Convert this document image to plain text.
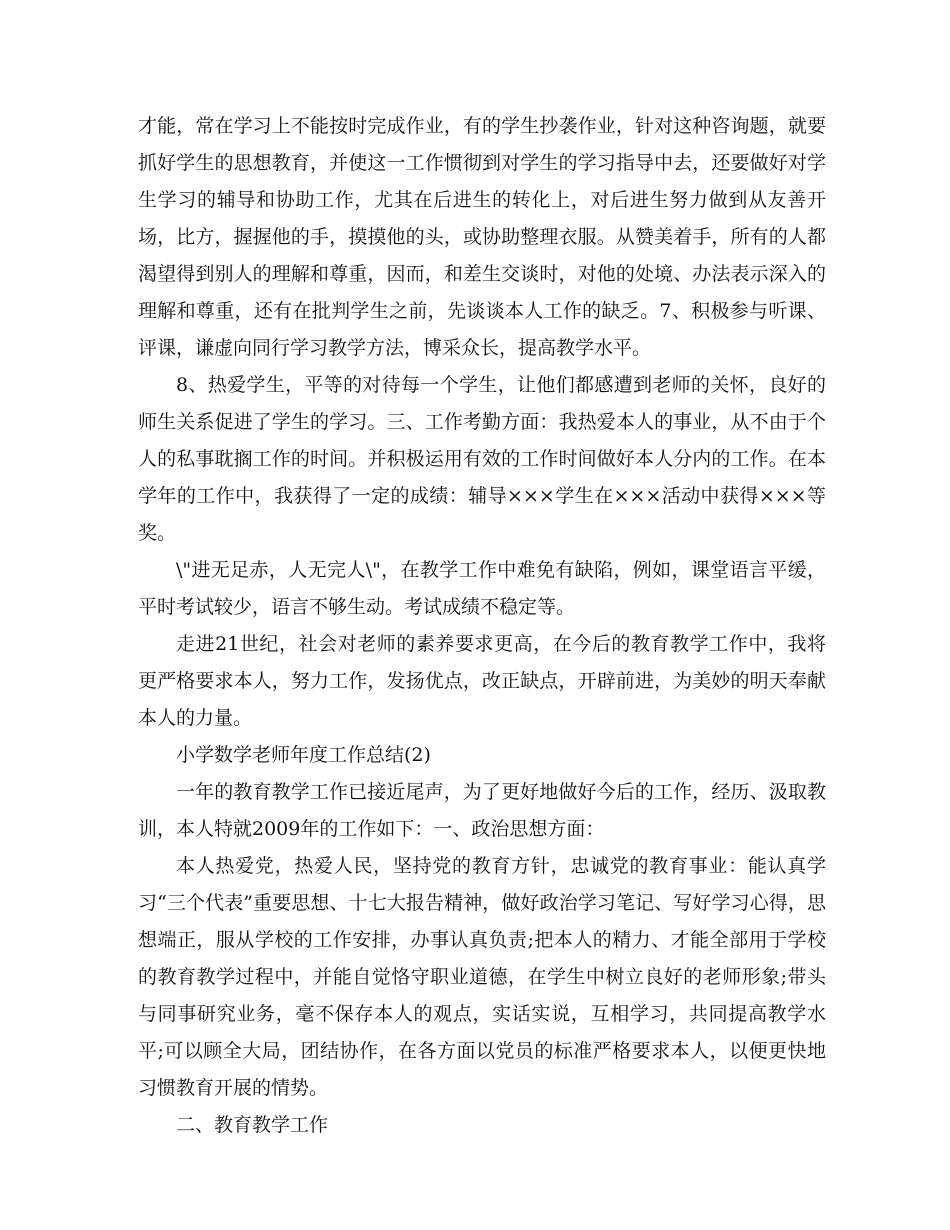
才能，常在学习上不能按时完成作业，有的学生抄袭作业，针对这种咨询题，就要抓好学生的思想教育，并使这一工作惯彻到对学生的学习指导中去，还要做好对学生学习的辅导和协助工作，尤其在后进生的转化上，对后进生努力做到从友善开场，比方，握握他的手，摸摸他的头，或协助整理衣服。从赞美着手，所有的人都渴望得到别人的理解和尊重，因而，和差生交谈时，对他的处境、办法表示深入的理解和尊重，还有在批判学生之前，先谈谈本人工作的缺乏。7、积极参与听课、评课，谦虚向同行学习教学方法，博采众长，提高教学水平。

8、热爱学生，平等的对待每一个学生，让他们都感遭到老师的关怀，良好的师生关系促进了学生的学习。三、工作考勤方面：我热爱本人的事业，从不由于个人的私事耽搁工作的时间。并积极运用有效的工作时间做好本人分内的工作。在本学年的工作中，我获得了一定的成绩：辅导×××学生在×××活动中获得×××等奖。

\"进无足赤，人无完人\"，在教学工作中难免有缺陷，例如，课堂语言平缓，平时考试较少，语言不够生动。考试成绩不稳定等。

走进21世纪，社会对老师的素养要求更高，在今后的教育教学工作中，我将更严格要求本人，努力工作，发扬优点，改正缺点，开辟前进，为美妙的明天奉献本人的力量。

小学数学老师年度工作总结(2)

一年的教育教学工作已接近尾声，为了更好地做好今后的工作，经历、汲取教训，本人特就2009年的工作如下：一、政治思想方面：

本人热爱党，热爱人民，坚持党的教育方针，忠诚党的教育事业：能认真学习“三个代表”重要思想、十七大报告精神，做好政治学习笔记、写好学习心得，思想端正，服从学校的工作安排，办事认真负责;把本人的精力、才能全部用于学校的教育教学过程中，并能自觉恪守职业道德，在学生中树立良好的老师形象;带头与同事研究业务，毫不保存本人的观点，实话实说，互相学习，共同提高教学水平;可以顾全大局，团结协作，在各方面以党员的标准严格要求本人，以便更快地习惯教育开展的情势。

二、教育教学工作
